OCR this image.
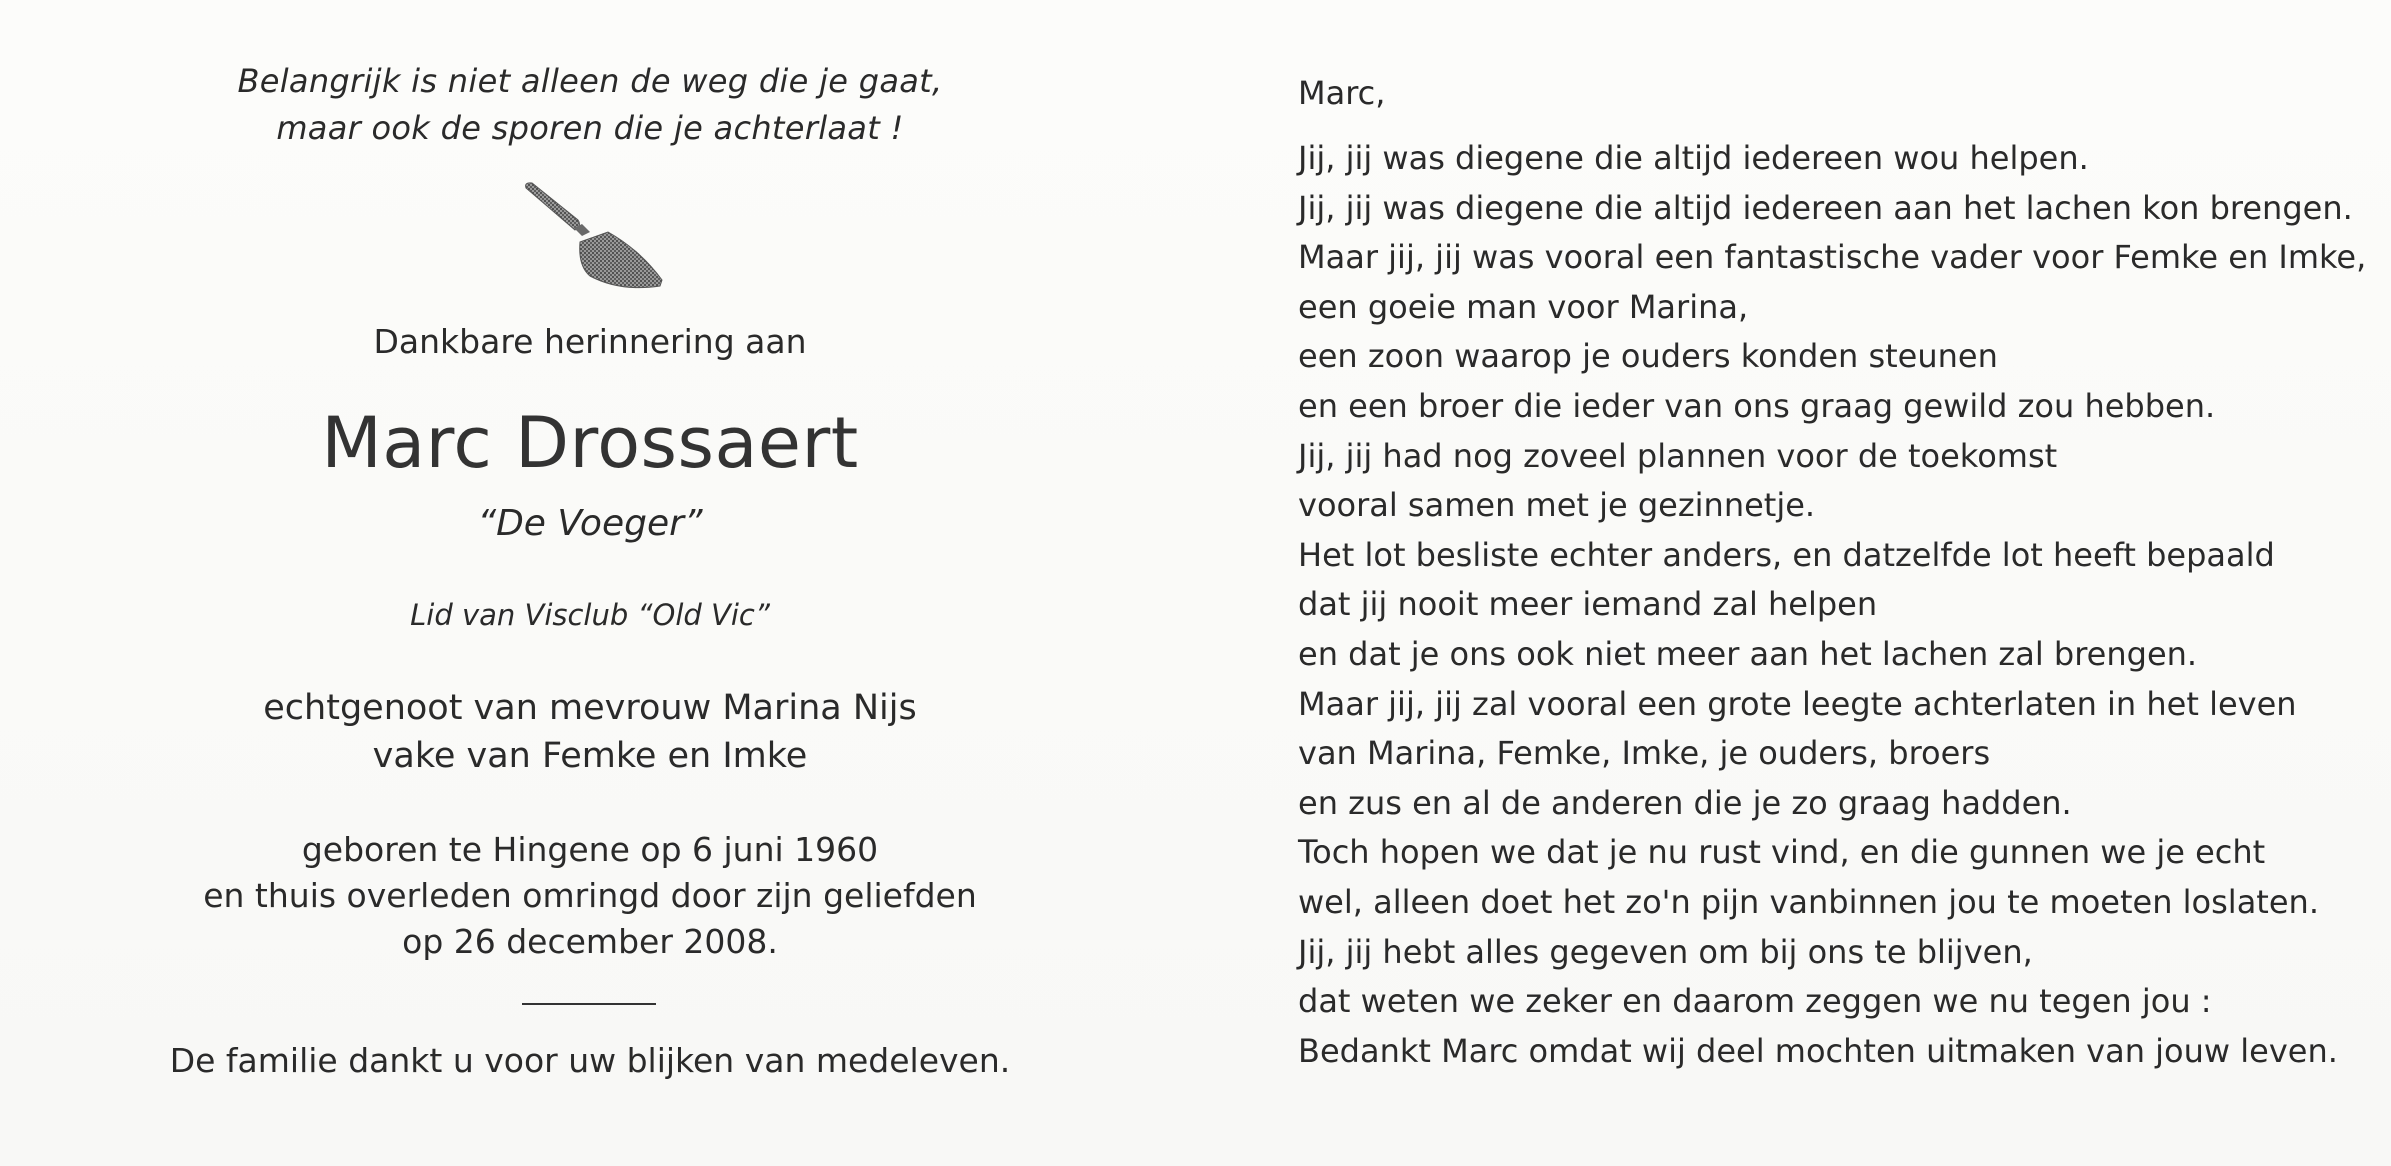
Belangrijk is niet alleen de weg die je gaat,
maar ook de sporen die je achterlaat !
Dankbare herinnering aan
Marc Drossaert
“De Voeger”
Lid van Visclub “Old Vic”
echtgenoot van mevrouw Marina Nijs
vake van Femke en Imke
geboren te Hingene op 6 juni 1960
en thuis overleden omringd door zijn geliefden
op 26 december 2008.
De familie dankt u voor uw blijken van medeleven.
Marc,
Jij, jij was diegene die altijd iedereen wou helpen.
Jij, jij was diegene die altijd iedereen aan het lachen kon brengen.
Maar jij, jij was vooral een fantastische vader voor Femke en Imke,
een goeie man voor Marina,
een zoon waarop je ouders konden steunen
en een broer die ieder van ons graag gewild zou hebben.
Jij, jij had nog zoveel plannen voor de toekomst
vooral samen met je gezinnetje.
Het lot besliste echter anders, en datzelfde lot heeft bepaald
dat jij nooit meer iemand zal helpen
en dat je ons ook niet meer aan het lachen zal brengen.
Maar jij, jij zal vooral een grote leegte achterlaten in het leven
van Marina, Femke, Imke, je ouders, broers
en zus en al de anderen die je zo graag hadden.
Toch hopen we dat je nu rust vind, en die gunnen we je echt
wel, alleen doet het zo'n pijn vanbinnen jou te moeten loslaten.
Jij, jij hebt alles gegeven om bij ons te blijven,
dat weten we zeker en daarom zeggen we nu tegen jou :
Bedankt Marc omdat wij deel mochten uitmaken van jouw leven.
